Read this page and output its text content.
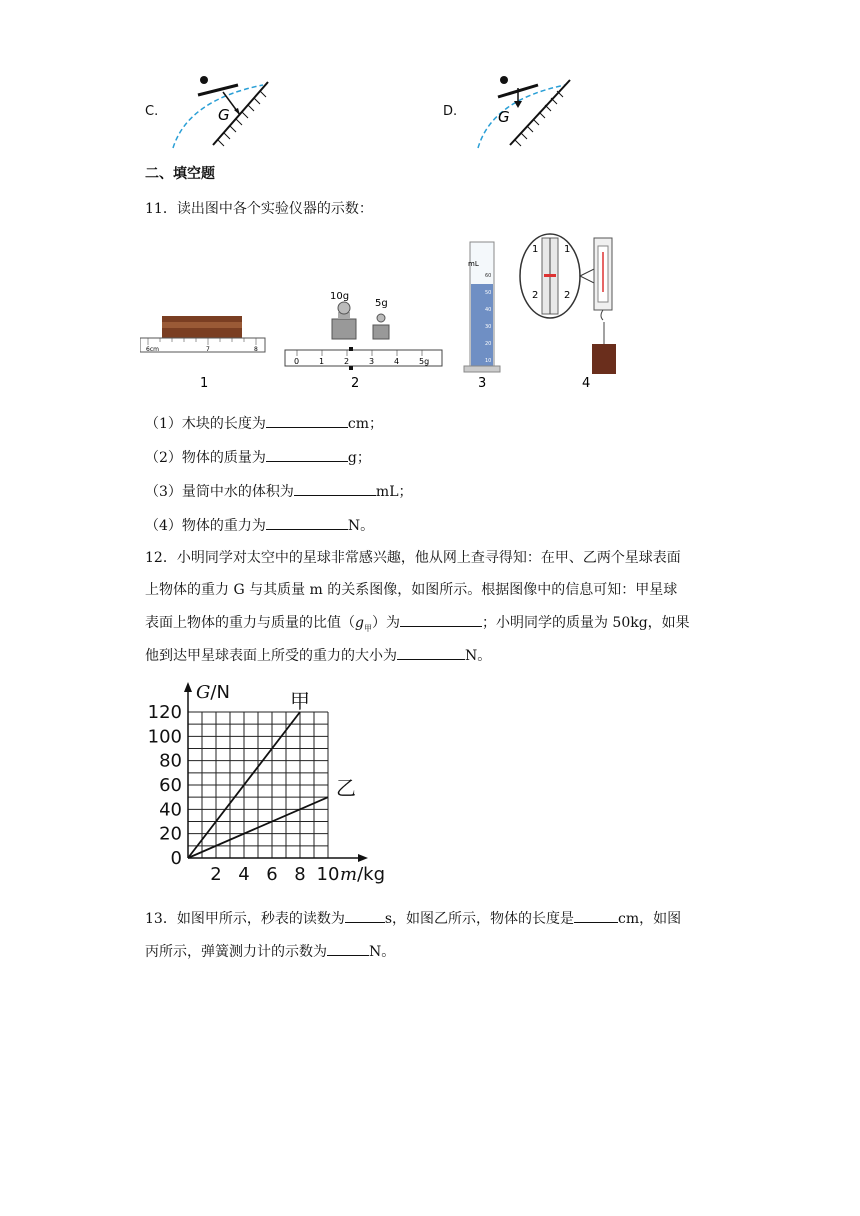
C.	G	D.	G
二、填空题
11．读出图中各个实验仪器的示数：
6cm	7	8
1
10g
5g
0 1 2 3 4 5g
2
mL
60
50
40
30
20
10
3
1	1
2	2
4
（1）木块的长度为	cm；
（2）物体的质量为	g；
（3）量筒中水的体积为	mL；
（4）物体的重力为	N。
12．小明同学对太空中的星球非常感兴趣，他从网上查寻得知：在甲、乙两个星球表面
上物体的重力 G 与其质量 m 的关系图像，如图所示。根据图像中的信息可知：甲星球
表面上物体的重力与质量的比值$(g_甲)$为	；小明同学的质量为 50kg，如果
他到达甲星球表面上所受的重力的大小为	N。
2 4 6 8 10
0
20
40
60
80
100
120
G/N
m/kg
甲
乙
13．如图甲所示，秒表的读数为	s，如图乙所示，物体的长度是	cm，如图
丙所示，弹簧测力计的示数为	N。
